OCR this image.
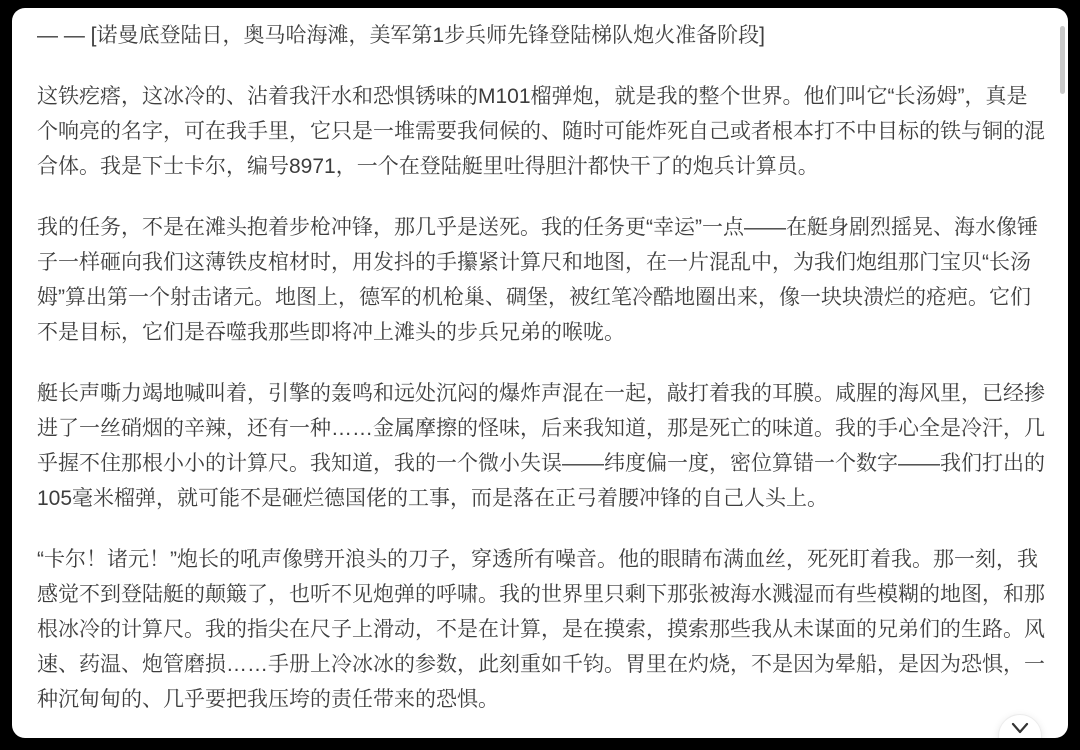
— — [诺曼底登陆日，奥马哈海滩，美军第1步兵师先锋登陆梯队炮火准备阶段]

这铁疙瘩，这冰冷的、沾着我汗水和恐惧锈味的M101榴弹炮，就是我的整个世界。他们叫它“长汤姆”，真是个响亮的名字，可在我手里，它只是一堆需要我伺候的、随时可能炸死自己或者根本打不中目标的铁与铜的混合体。我是下士卡尔，编号8971，一个在登陆艇里吐得胆汁都快干了的炮兵计算员。

我的任务，不是在滩头抱着步枪冲锋，那几乎是送死。我的任务更“幸运”一点——在艇身剧烈摇晃、海水像锤子一样砸向我们这薄铁皮棺材时，用发抖的手攥紧计算尺和地图，在一片混乱中，为我们炮组那门宝贝“长汤姆”算出第一个射击诸元。地图上，德军的机枪巢、碉堡，被红笔冷酷地圈出来，像一块块溃烂的疮疤。它们不是目标，它们是吞噬我那些即将冲上滩头的步兵兄弟的喉咙。

艇长声嘶力竭地喊叫着，引擎的轰鸣和远处沉闷的爆炸声混在一起，敲打着我的耳膜。咸腥的海风里，已经掺进了一丝硝烟的辛辣，还有一种……金属摩擦的怪味，后来我知道，那是死亡的味道。我的手心全是冷汗，几乎握不住那根小小的计算尺。我知道，我的一个微小失误——纬度偏一度，密位算错一个数字——我们打出的105毫米榴弹，就可能不是砸烂德国佬的工事，而是落在正弓着腰冲锋的自己人头上。

“卡尔！诸元！”炮长的吼声像劈开浪头的刀子，穿透所有噪音。他的眼睛布满血丝，死死盯着我。那一刻，我感觉不到登陆艇的颠簸了，也听不见炮弹的呼啸。我的世界里只剩下那张被海水溅湿而有些模糊的地图，和那根冰冷的计算尺。我的指尖在尺子上滑动，不是在计算，是在摸索，摸索那些我从未谋面的兄弟们的生路。风速、药温、炮管磨损……手册上冷冰冰的参数，此刻重如千钧。胃里在灼烧，不是因为晕船，是因为恐惧，一种沉甸甸的、几乎要把我压垮的责任带来的恐惧。
